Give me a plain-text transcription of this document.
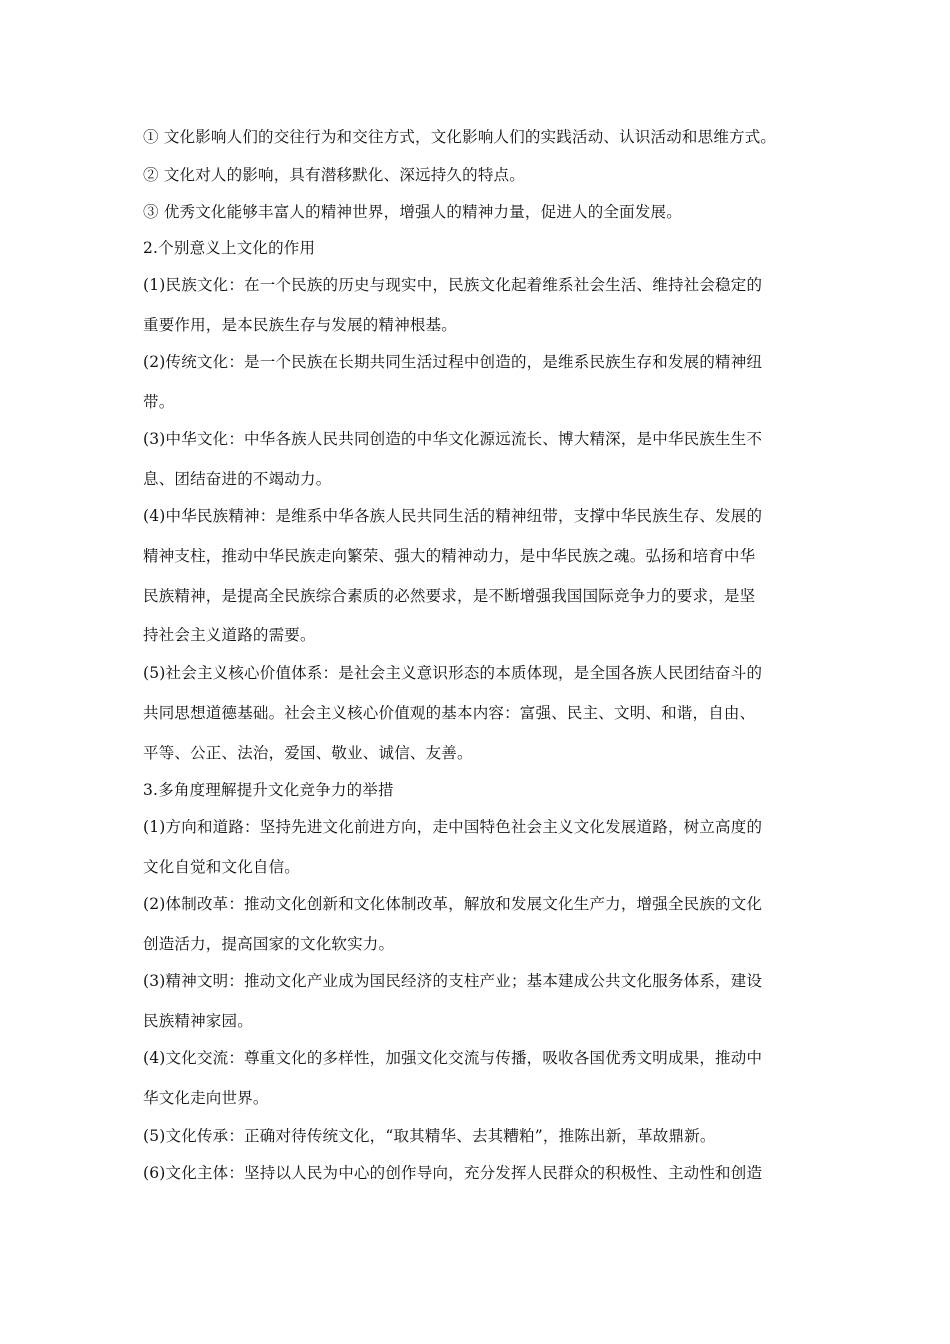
① 文化影响人们的交往行为和交往方式，文化影响人们的实践活动、认识活动和思维方式。
② 文化对人的影响，具有潜移默化、深远持久的特点。
③ 优秀文化能够丰富人的精神世界，增强人的精神力量，促进人的全面发展。
2.个别意义上文化的作用
(1)民族文化：在一个民族的历史与现实中，民族文化起着维系社会生活、维持社会稳定的
重要作用，是本民族生存与发展的精神根基。
(2)传统文化：是一个民族在长期共同生活过程中创造的，是维系民族生存和发展的精神纽
带。
(3)中华文化：中华各族人民共同创造的中华文化源远流长、博大精深，是中华民族生生不
息、团结奋进的不竭动力。
(4)中华民族精神：是维系中华各族人民共同生活的精神纽带，支撑中华民族生存、发展的
精神支柱，推动中华民族走向繁荣、强大的精神动力，是中华民族之魂。弘扬和培育中华
民族精神，是提高全民族综合素质的必然要求，是不断增强我国国际竞争力的要求，是坚
持社会主义道路的需要。
(5)社会主义核心价值体系：是社会主义意识形态的本质体现，是全国各族人民团结奋斗的
共同思想道德基础。社会主义核心价值观的基本内容：富强、民主、文明、和谐，自由、
平等、公正、法治，爱国、敬业、诚信、友善。
3.多角度理解提升文化竞争力的举措
(1)方向和道路：坚持先进文化前进方向，走中国特色社会主义文化发展道路，树立高度的
文化自觉和文化自信。
(2)体制改革：推动文化创新和文化体制改革，解放和发展文化生产力，增强全民族的文化
创造活力，提高国家的文化软实力。
(3)精神文明：推动文化产业成为国民经济的支柱产业；基本建成公共文化服务体系，建设
民族精神家园。
(4)文化交流：尊重文化的多样性，加强文化交流与传播，吸收各国优秀文明成果，推动中
华文化走向世界。
(5)文化传承：正确对待传统文化，“取其精华、去其糟粕”，推陈出新，革故鼎新。
(6)文化主体：坚持以人民为中心的创作导向，充分发挥人民群众的积极性、主动性和创造
